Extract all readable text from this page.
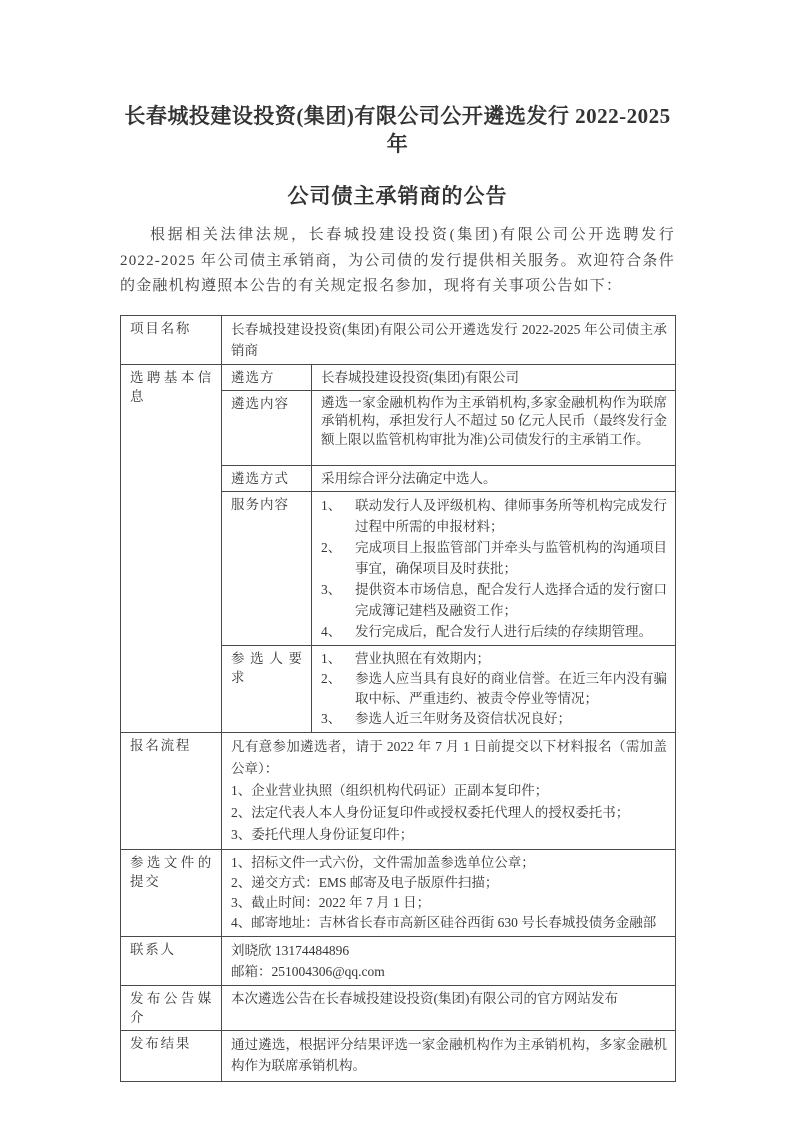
长春城投建设投资(集团)有限公司公开遴选发行 2022-2025 年
公司债主承销商的公告

根据相关法律法规，长春城投建设投资(集团)有限公司公开选聘发行 2022-2025 年公司债主承销商，为公司债的发行提供相关服务。欢迎符合条件的金融机构遵照本公告的有关规定报名参加，现将有关事项公告如下：

项目名称	长春城投建设投资(集团)有限公司公开遴选发行 2022-2025 年公司债主承销商	
选聘基本信息	遴选方	长春城投建设投资(集团)有限公司
	遴选内容	遴选一家金融机构作为主承销机构,多家金融机构作为联席承销机构，承担发行人不超过 50 亿元人民币（最终发行金额上限以监管机构审批为准)公司债发行的主承销工作。
	遴选方式	采用综合评分法确定中选人。
	服务内容	1、 联动发行人及评级机构、律师事务所等机构完成发行过程中所需的申报材料；
2、 完成项目上报监管部门并牵头与监管机构的沟通项目事宜，确保项目及时获批；
3、 提供资本市场信息，配合发行人选择合适的发行窗口完成簿记建档及融资工作；
4、 发行完成后，配合发行人进行后续的存续期管理。

	参选人要求	1、 营业执照在有效期内；
2、 参选人应当具有良好的商业信誉。在近三年内没有骗取中标、严重违约、被责令停业等情况；
3、 参选人近三年财务及资信状况良好；

报名流程	凡有意参加遴选者，请于 2022 年 7 月 1 日前提交以下材料报名（需加盖公章）：
1、企业营业执照（组织机构代码证）正副本复印件；
2、法定代表人本人身份证复印件或授权委托代理人的授权委托书；
3、委托代理人身份证复印件；	

参选文件的提交	1、招标文件一式六份，文件需加盖参选单位公章；
2、递交方式：EMS 邮寄及电子版原件扫描；
3、截止时间：2022 年 7 月 1 日；
4、邮寄地址：吉林省长春市高新区硅谷西街 630 号长春城投债务金融部	

联系人	刘晓欣 13174484896
邮箱：251004306@qq.com	

发布公告媒介	本次遴选公告在长春城投建设投资(集团)有限公司的官方网站发布	
发布结果	通过遴选，根据评分结果评选一家金融机构作为主承销机构，多家金融机构作为联席承销机构。	
